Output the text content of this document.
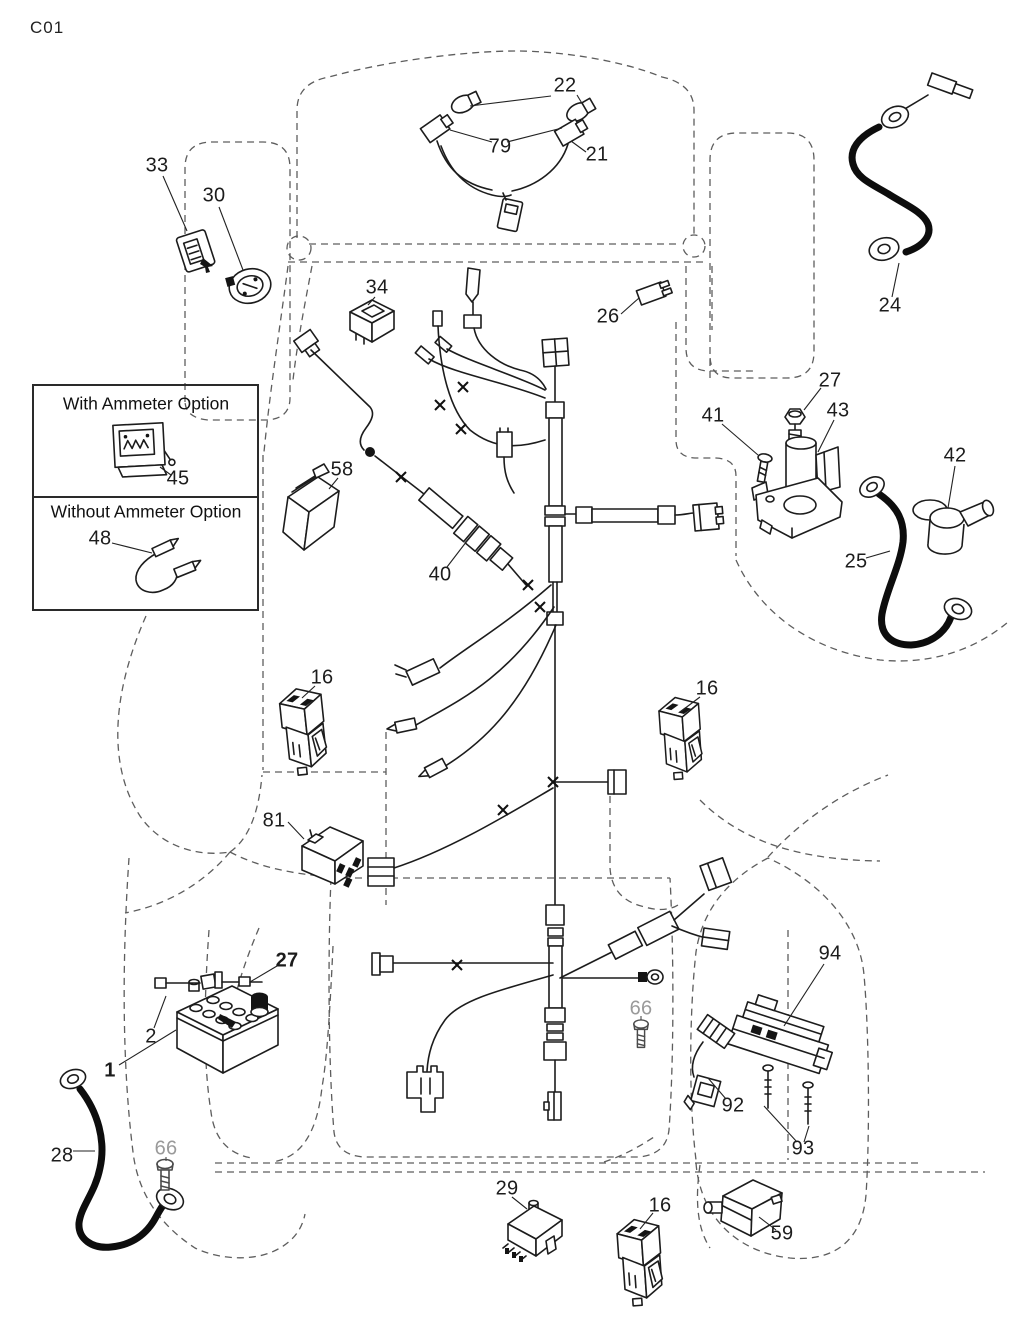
C01
With Ammeter Option
Without Ammeter Option
22
79	21
33
30
34
26	24
27
41	43
42
58
45
48
40
25
16	16
81
27
2
1
66
28
66
94
92
93
29
16
59
